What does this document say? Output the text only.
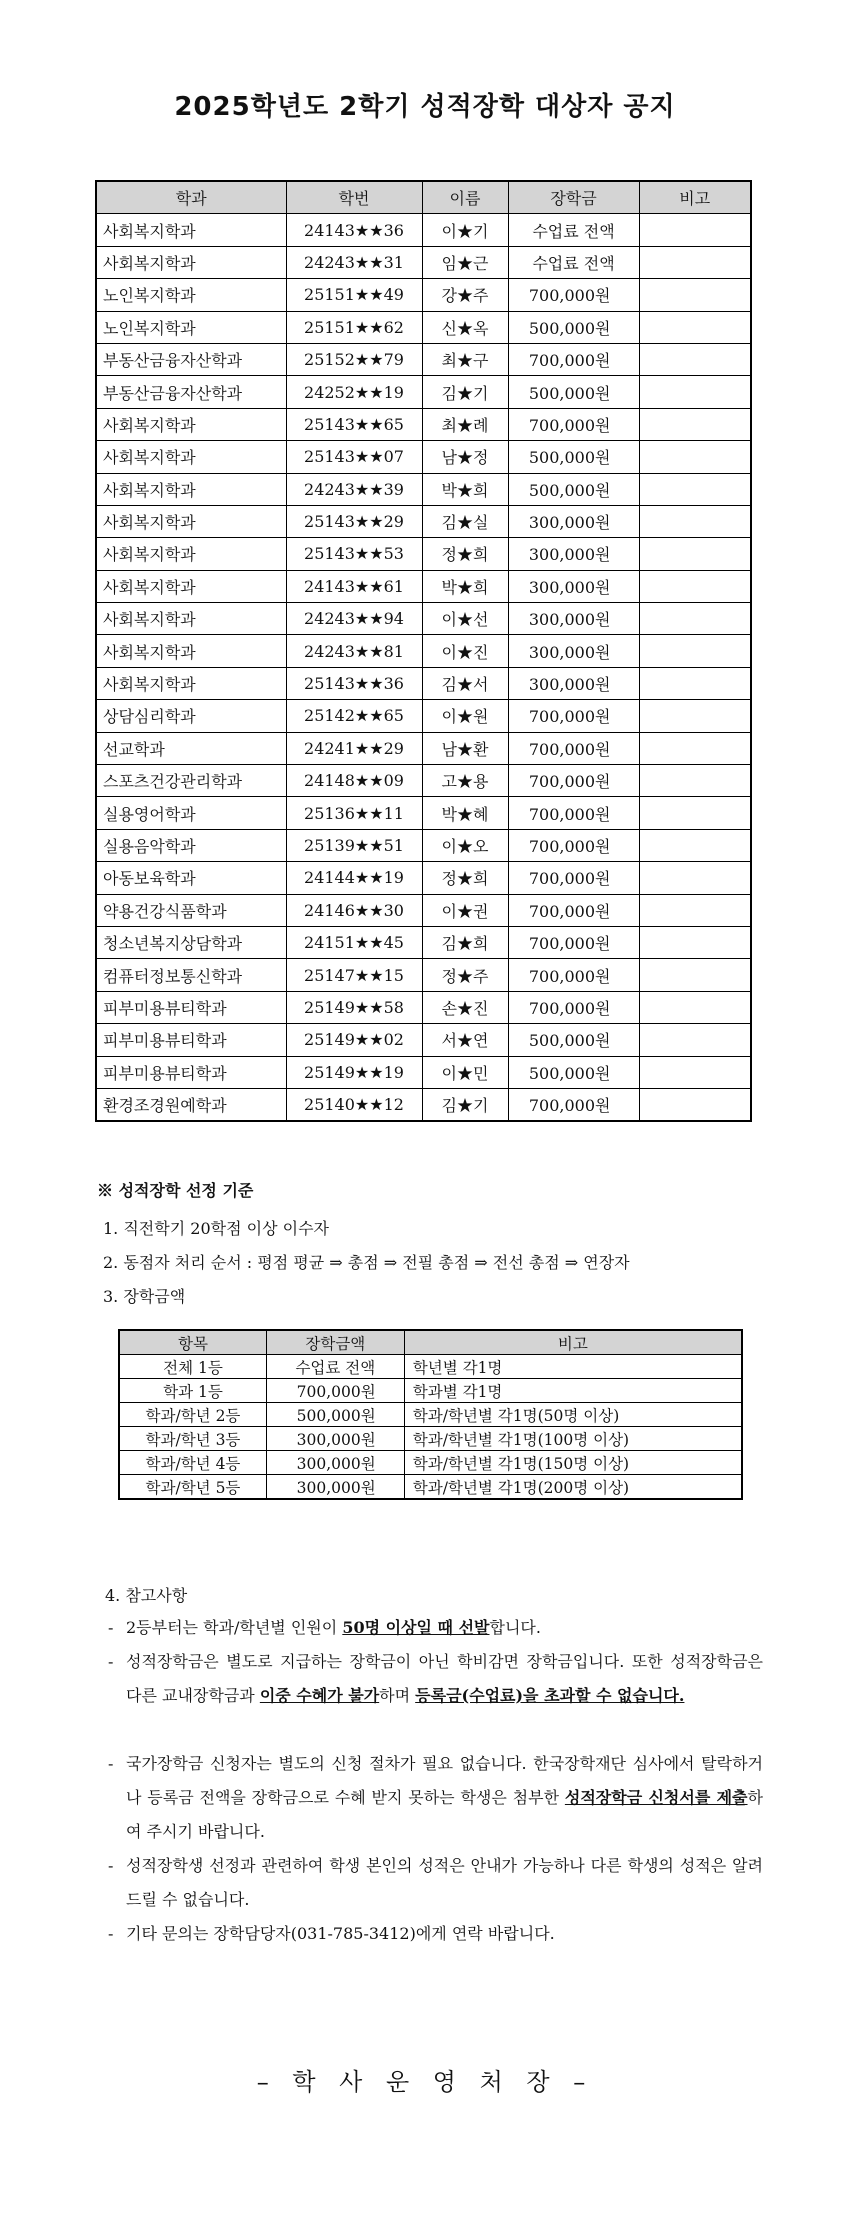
2025학년도 2학기 성적장학 대상자 공지
학과	학번	이름	장학금	비고
사회복지학과	24143★★36	이★기	수업료 전액	
사회복지학과	24243★★31	임★근	수업료 전액	
노인복지학과	25151★★49	강★주	700,000원	
노인복지학과	25151★★62	신★옥	500,000원	
부동산금융자산학과	25152★★79	최★구	700,000원	
부동산금융자산학과	24252★★19	김★기	500,000원	
사회복지학과	25143★★65	최★례	700,000원	
사회복지학과	25143★★07	남★정	500,000원	
사회복지학과	24243★★39	박★희	500,000원	
사회복지학과	25143★★29	김★실	300,000원	
사회복지학과	25143★★53	정★희	300,000원	
사회복지학과	24143★★61	박★희	300,000원	
사회복지학과	24243★★94	이★선	300,000원	
사회복지학과	24243★★81	이★진	300,000원	
사회복지학과	25143★★36	김★서	300,000원	
상담심리학과	25142★★65	이★원	700,000원	
선교학과	24241★★29	남★환	700,000원	
스포츠건강관리학과	24148★★09	고★용	700,000원	
실용영어학과	25136★★11	박★혜	700,000원	
실용음악학과	25139★★51	이★오	700,000원	
아동보육학과	24144★★19	정★희	700,000원	
약용건강식품학과	24146★★30	이★권	700,000원	
청소년복지상담학과	24151★★45	김★희	700,000원	
컴퓨터정보통신학과	25147★★15	정★주	700,000원	
피부미용뷰티학과	25149★★58	손★진	700,000원	
피부미용뷰티학과	25149★★02	서★연	500,000원	
피부미용뷰티학과	25149★★19	이★민	500,000원	
환경조경원예학과	25140★★12	김★기	700,000원	
※ 성적장학 선정 기준
1. 직전학기 20학점 이상 이수자
2. 동점자 처리 순서 : 평점 평균 ⇒ 총점 ⇒ 전필 총점 ⇒ 전선 총점 ⇒ 연장자
3. 장학금액
항목	장학금액	비고
전체 1등	수업료 전액	학년별 각1명
학과 1등	700,000원	학과별 각1명
학과/학년 2등	500,000원	학과/학년별 각1명(50명 이상)
학과/학년 3등	300,000원	학과/학년별 각1명(100명 이상)
학과/학년 4등	300,000원	학과/학년별 각1명(150명 이상)
학과/학년 5등	300,000원	학과/학년별 각1명(200명 이상)
4. 참고사항
- 2등부터는 학과/학년별 인원이 50명 이상일 때 선발합니다.
- 성적장학금은 별도로 지급하는 장학금이 아닌 학비감면 장학금입니다. 또한 성적장학금은 다른 교내장학금과 이중 수혜가 불가하며 등록금(수업료)을 초과할 수 없습니다.
- 국가장학금 신청자는 별도의 신청 절차가 필요 없습니다. 한국장학재단 심사에서 탈락하거나 등록금 전액을 장학금으로 수혜 받지 못하는 학생은 첨부한 성적장학금 신청서를 제출하여 주시기 바랍니다.
- 성적장학생 선정과 관련하여 학생 본인의 성적은 안내가 가능하나 다른 학생의 성적은 알려드릴 수 없습니다.
- 기타 문의는 장학담당자(031-785-3412)에게 연락 바랍니다.
– 학 사 운 영 처 장 –
